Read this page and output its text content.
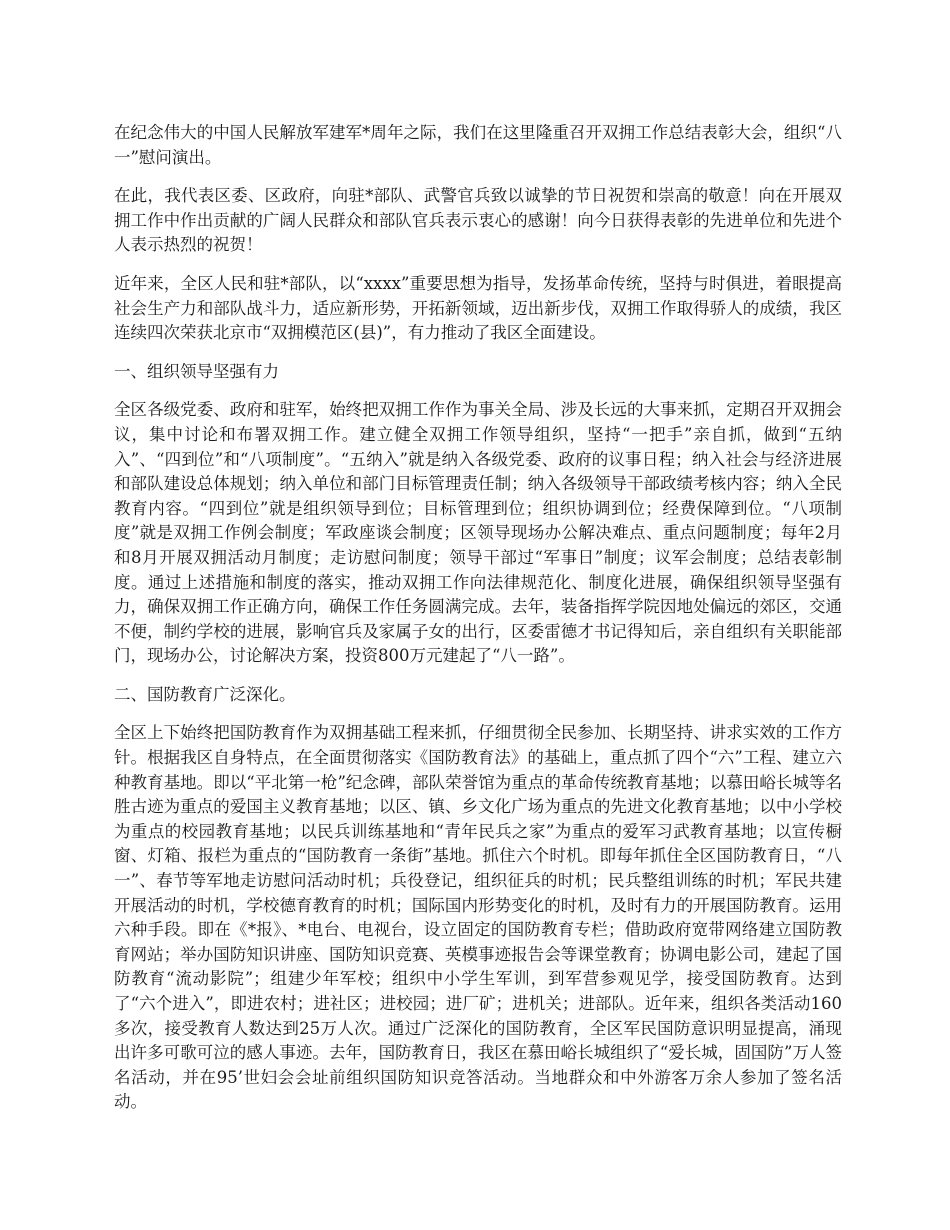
在纪念伟大的中国人民解放军建军*周年之际，我们在这里隆重召开双拥工作总结表彰大会，组织“八一”慰问演出。

在此，我代表区委、区政府，向驻*部队、武警官兵致以诚挚的节日祝贺和崇高的敬意！向在开展双拥工作中作出贡献的广阔人民群众和部队官兵表示衷心的感谢！向今日获得表彰的先进单位和先进个人表示热烈的祝贺！

近年来，全区人民和驻*部队，以“xxxx”重要思想为指导，发扬革命传统，坚持与时俱进，着眼提高社会生产力和部队战斗力，适应新形势，开拓新领域，迈出新步伐，双拥工作取得骄人的成绩，我区连续四次荣获北京市“双拥模范区(县)”，有力推动了我区全面建设。

一、组织领导坚强有力

全区各级党委、政府和驻军，始终把双拥工作作为事关全局、涉及长远的大事来抓，定期召开双拥会议，集中讨论和布署双拥工作。建立健全双拥工作领导组织，坚持“一把手”亲自抓，做到“五纳入”、“四到位”和“八项制度”。“五纳入”就是纳入各级党委、政府的议事日程；纳入社会与经济进展和部队建设总体规划；纳入单位和部门目标管理责任制；纳入各级领导干部政绩考核内容；纳入全民教育内容。“四到位”就是组织领导到位；目标管理到位；组织协调到位；经费保障到位。“八项制度”就是双拥工作例会制度；军政座谈会制度；区领导现场办公解决难点、重点问题制度；每年2月和8月开展双拥活动月制度；走访慰问制度；领导干部过“军事日”制度；议军会制度；总结表彰制度。通过上述措施和制度的落实，推动双拥工作向法律规范化、制度化进展，确保组织领导坚强有力，确保双拥工作正确方向，确保工作任务圆满完成。去年，装备指挥学院因地处偏远的郊区，交通不便，制约学校的进展，影响官兵及家属子女的出行，区委雷德才书记得知后，亲自组织有关职能部门，现场办公，讨论解决方案，投资800万元建起了“八一路”。

二、国防教育广泛深化。

全区上下始终把国防教育作为双拥基础工程来抓，仔细贯彻全民参加、长期坚持、讲求实效的工作方针。根据我区自身特点，在全面贯彻落实《国防教育法》的基础上，重点抓了四个“六”工程、建立六种教育基地。即以“平北第一枪”纪念碑，部队荣誉馆为重点的革命传统教育基地；以慕田峪长城等名胜古迹为重点的爱国主义教育基地；以区、镇、乡文化广场为重点的先进文化教育基地；以中小学校为重点的校园教育基地；以民兵训练基地和“青年民兵之家”为重点的爱军习武教育基地；以宣传橱窗、灯箱、报栏为重点的“国防教育一条街”基地。抓住六个时机。即每年抓住全区国防教育日，“八一”、春节等军地走访慰问活动时机；兵役登记，组织征兵的时机；民兵整组训练的时机；军民共建开展活动的时机，学校德育教育的时机；国际国内形势变化的时机，及时有力的开展国防教育。运用六种手段。即在《*报》、*电台、电视台，设立固定的国防教育专栏；借助政府宽带网络建立国防教育网站；举办国防知识讲座、国防知识竞赛、英模事迹报告会等课堂教育；协调电影公司，建起了国防教育“流动影院”；组建少年军校；组织中小学生军训，到军营参观见学，接受国防教育。达到了“六个进入”，即进农村；进社区；进校园；进厂矿；进机关；进部队。近年来，组织各类活动160多次，接受教育人数达到25万人次。通过广泛深化的国防教育，全区军民国防意识明显提高，涌现出许多可歌可泣的感人事迹。去年，国防教育日，我区在慕田峪长城组织了“爱长城，固国防”万人签名活动，并在95’世妇会会址前组织国防知识竞答活动。当地群众和中外游客万余人参加了签名活动。
